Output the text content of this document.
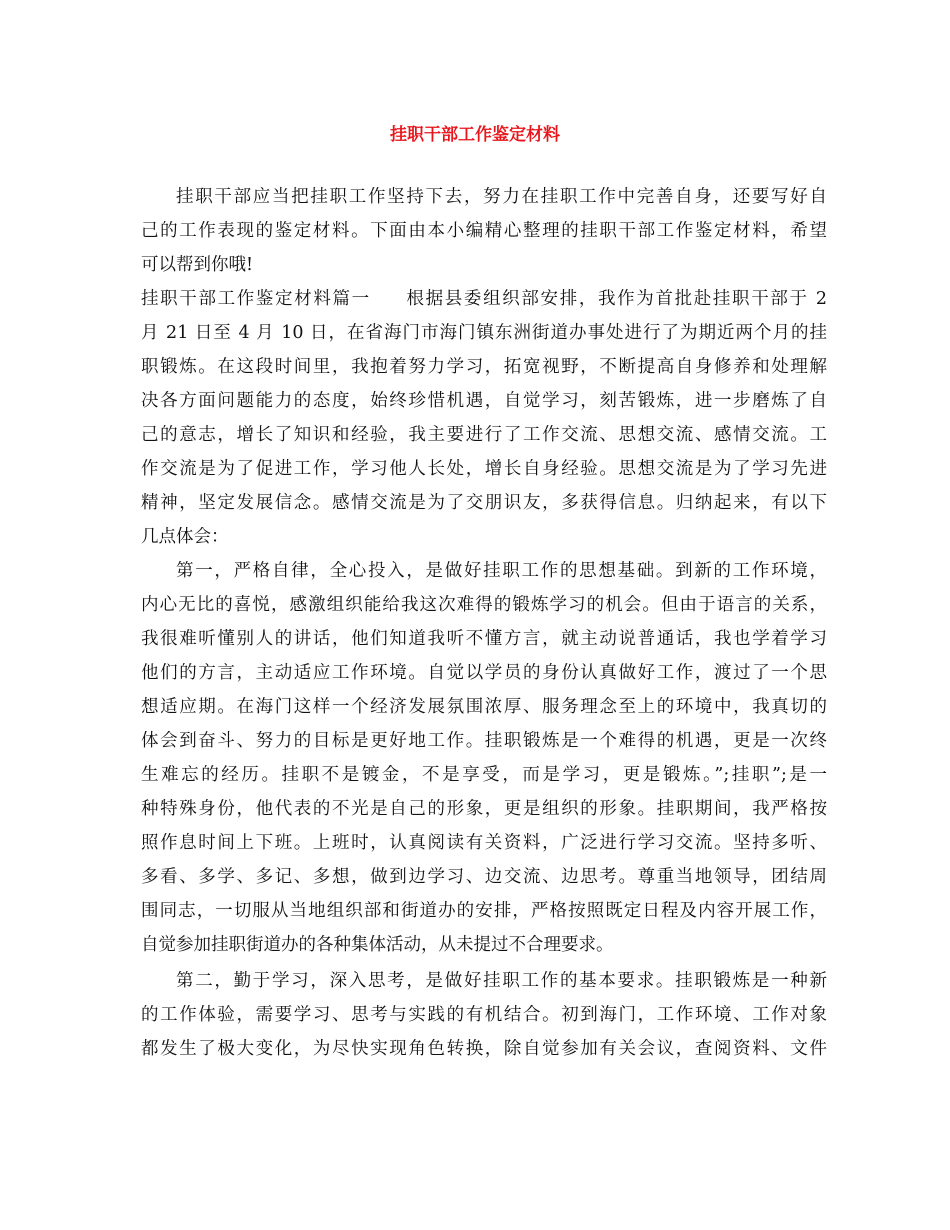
挂职干部工作鉴定材料
挂职干部应当把挂职工作坚持下去，努力在挂职工作中完善自身，还要写好自
己的工作表现的鉴定材料。下面由本小编精心整理的挂职干部工作鉴定材料，希望
可以帮到你哦!
挂职干部工作鉴定材料篇一 根据县委组织部安排，我作为首批赴挂职干部于 2
月 21 日至 4 月 10 日，在省海门市海门镇东洲街道办事处进行了为期近两个月的挂
职锻炼。在这段时间里，我抱着努力学习，拓宽视野，不断提高自身修养和处理解
决各方面问题能力的态度，始终珍惜机遇，自觉学习，刻苦锻炼，进一步磨炼了自
己的意志，增长了知识和经验，我主要进行了工作交流、思想交流、感情交流。工
作交流是为了促进工作，学习他人长处，增长自身经验。思想交流是为了学习先进
精神，坚定发展信念。感情交流是为了交朋识友，多获得信息。归纳起来，有以下
几点体会：
第一，严格自律，全心投入，是做好挂职工作的思想基础。到新的工作环境，
内心无比的喜悦，感激组织能给我这次难得的锻炼学习的机会。但由于语言的关系，
我很难听懂别人的讲话，他们知道我听不懂方言，就主动说普通话，我也学着学习
他们的方言，主动适应工作环境。自觉以学员的身份认真做好工作，渡过了一个思
想适应期。在海门这样一个经济发展氛围浓厚、服务理念至上的环境中，我真切的
体会到奋斗、努力的目标是更好地工作。挂职锻炼是一个难得的机遇，更是一次终
生难忘的经历。挂职不是镀金，不是享受，而是学习，更是锻炼。”;挂职”;是一
种特殊身份，他代表的不光是自己的形象，更是组织的形象。挂职期间，我严格按
照作息时间上下班。上班时，认真阅读有关资料，广泛进行学习交流。坚持多听、
多看、多学、多记、多想，做到边学习、边交流、边思考。尊重当地领导，团结周
围同志，一切服从当地组织部和街道办的安排，严格按照既定日程及内容开展工作，
自觉参加挂职街道办的各种集体活动，从未提过不合理要求。
第二，勤于学习，深入思考，是做好挂职工作的基本要求。挂职锻炼是一种新
的工作体验，需要学习、思考与实践的有机结合。初到海门，工作环境、工作对象
都发生了极大变化，为尽快实现角色转换，除自觉参加有关会议，查阅资料、文件
